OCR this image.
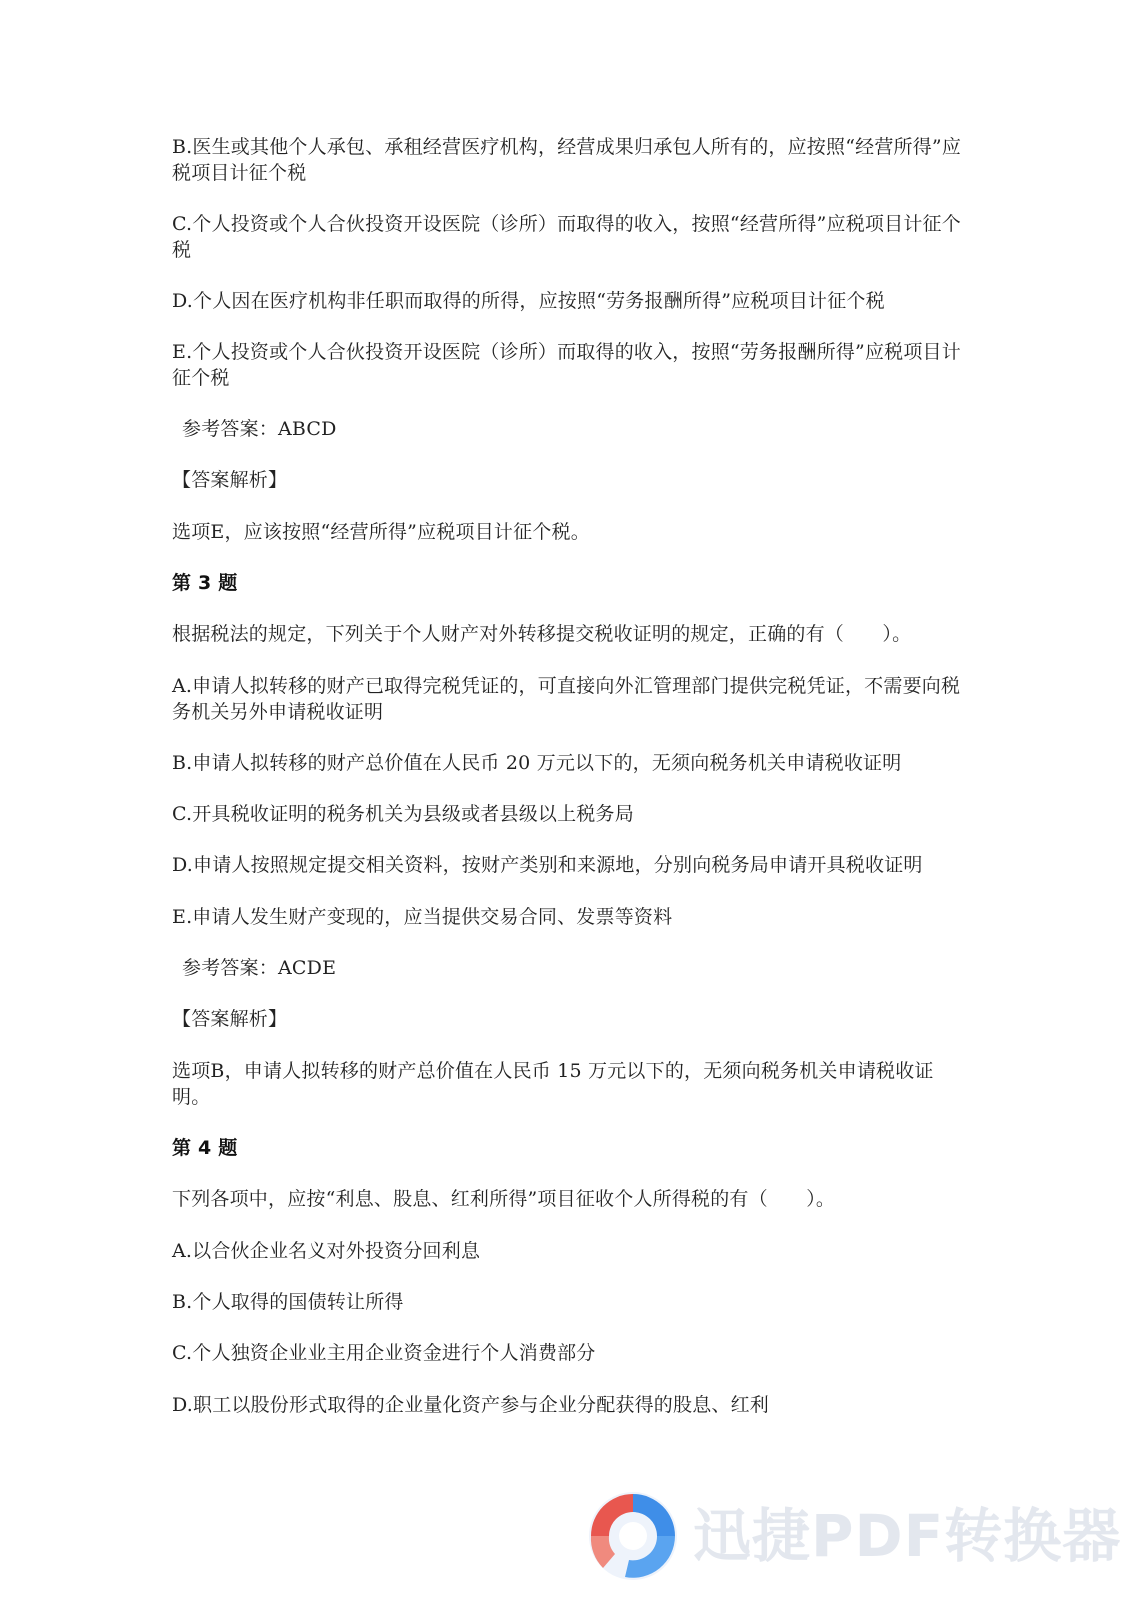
B.医生或其他个人承包、承租经营医疗机构，经营成果归承包人所有的，应按照“经营所得”应税项目计征个税
C.个人投资或个人合伙投资开设医院（诊所）而取得的收入，按照“经营所得”应税项目计征个税
D.个人因在医疗机构非任职而取得的所得，应按照“劳务报酬所得”应税项目计征个税
E.个人投资或个人合伙投资开设医院（诊所）而取得的收入，按照“劳务报酬所得”应税项目计征个税
参考答案：ABCD
【答案解析】
选项E，应该按照“经营所得”应税项目计征个税。
第 3 题
根据税法的规定，下列关于个人财产对外转移提交税收证明的规定，正确的有（　　）。
A.申请人拟转移的财产已取得完税凭证的，可直接向外汇管理部门提供完税凭证，不需要向税务机关另外申请税收证明
B.申请人拟转移的财产总价值在人民币 20 万元以下的，无须向税务机关申请税收证明
C.开具税收证明的税务机关为县级或者县级以上税务局
D.申请人按照规定提交相关资料，按财产类别和来源地，分别向税务局申请开具税收证明
E.申请人发生财产变现的，应当提供交易合同、发票等资料
参考答案：ACDE
【答案解析】
选项B，申请人拟转移的财产总价值在人民币 15 万元以下的，无须向税务机关申请税收证明。
第 4 题
下列各项中，应按“利息、股息、红利所得”项目征收个人所得税的有（　　）。
A.以合伙企业名义对外投资分回利息
B.个人取得的国债转让所得
C.个人独资企业业主用企业资金进行个人消费部分
D.职工以股份形式取得的企业量化资产参与企业分配获得的股息、红利
迅捷PDF转换器
